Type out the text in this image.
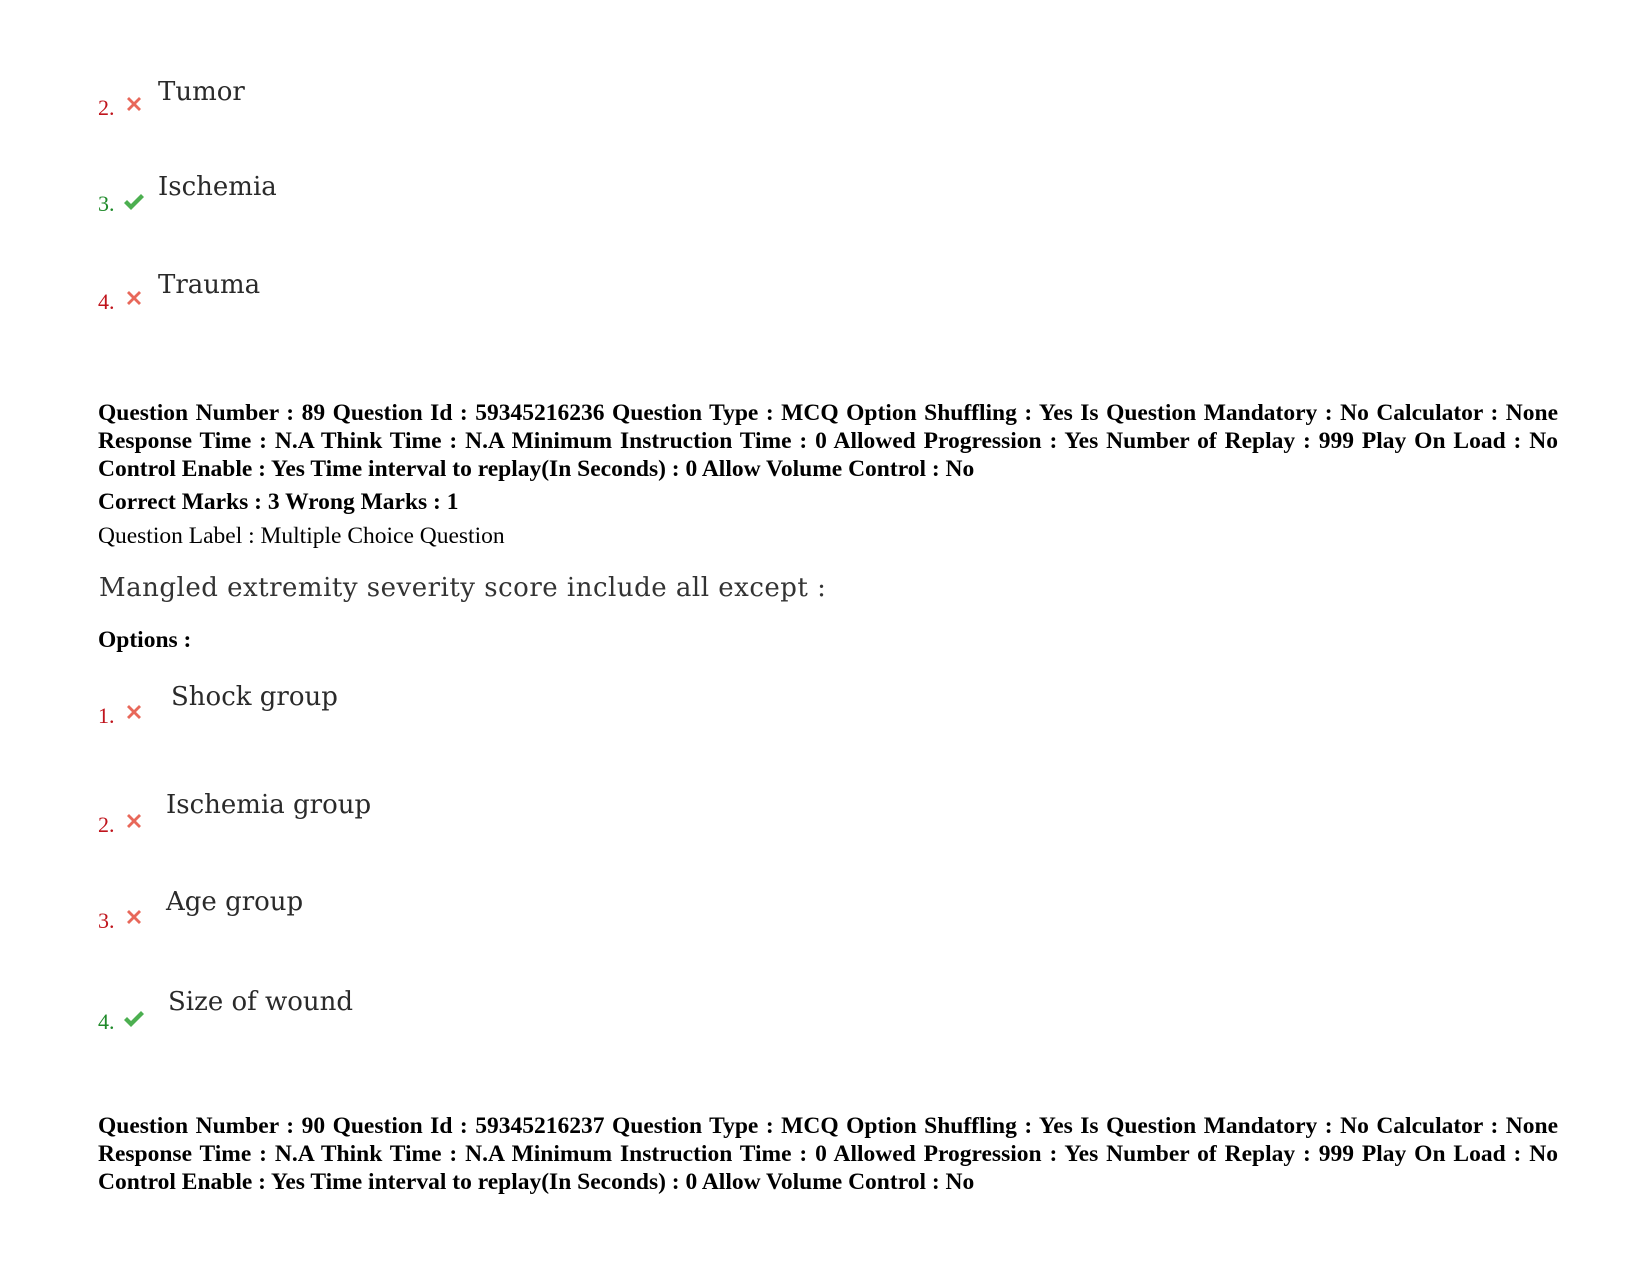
2.
Tumor
3.
Ischemia
4.
Trauma
Question Number : 89 Question Id : 59345216236 Question Type : MCQ Option Shuffling : Yes Is Question Mandatory : No Calculator : None Response Time : N.A Think Time : N.A Minimum Instruction Time : 0 Allowed Progression : Yes Number of Replay : 999 Play On Load : No Control Enable : Yes Time interval to replay(In Seconds) : 0 Allow Volume Control : No
Correct Marks : 3 Wrong Marks : 1
Question Label : Multiple Choice Question
Mangled extremity severity score include all except :
Options :
1.
Shock group
2.
Ischemia group
3.
Age group
4.
Size of wound
Question Number : 90 Question Id : 59345216237 Question Type : MCQ Option Shuffling : Yes Is Question Mandatory : No Calculator : None Response Time : N.A Think Time : N.A Minimum Instruction Time : 0 Allowed Progression : Yes Number of Replay : 999 Play On Load : No Control Enable : Yes Time interval to replay(In Seconds) : 0 Allow Volume Control : No
